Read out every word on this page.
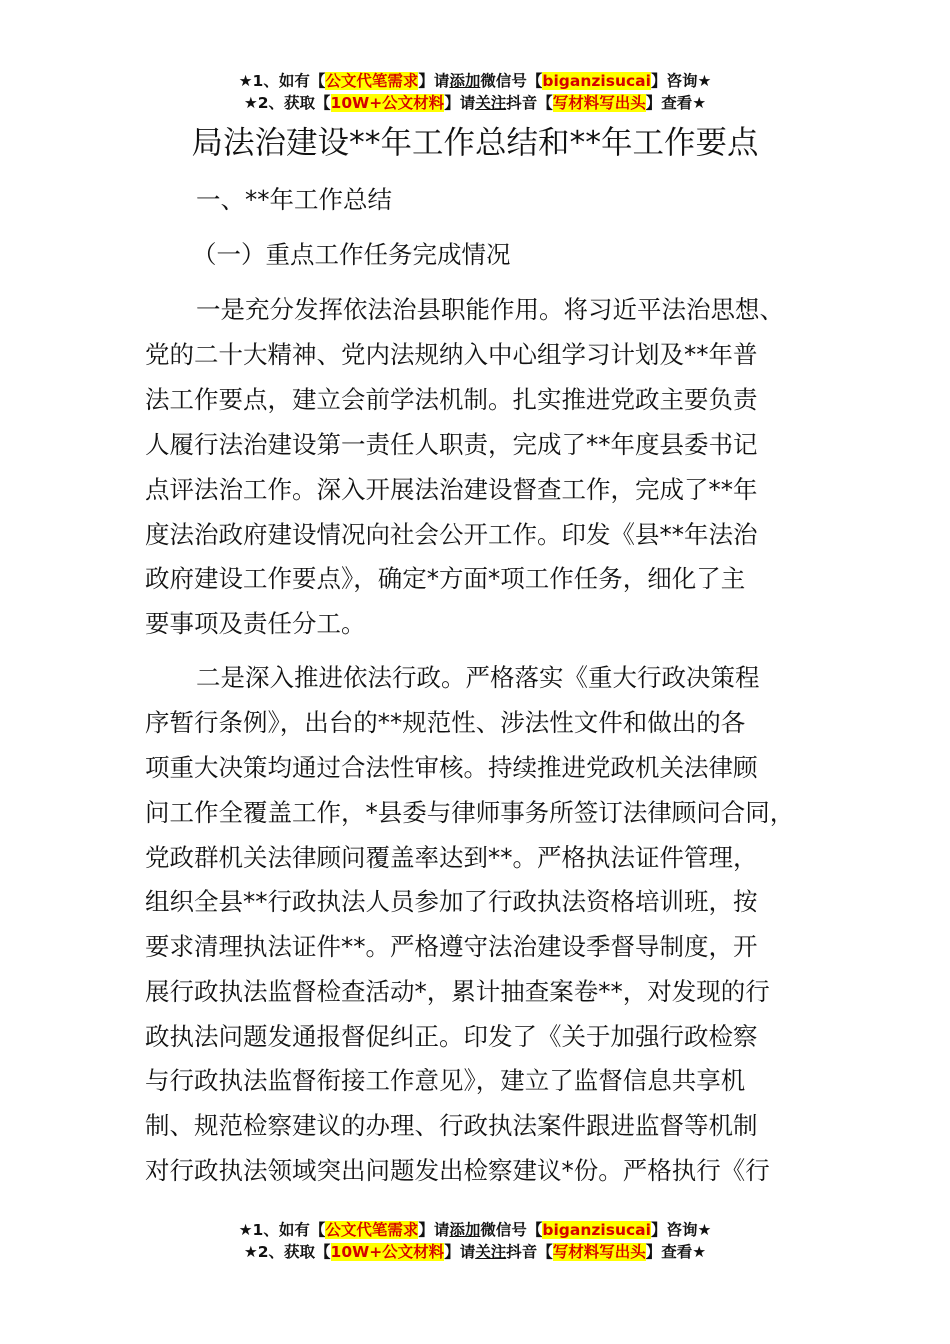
★1、如有【公文代笔需求】请添加微信号【biganzisucai】咨询★
★2、获取【10W+公文材料】请关注抖音【写材料写出头】查看★
局法治建设**年工作总结和**年工作要点
一、**年工作总结
（一）重点工作任务完成情况
一是充分发挥依法治县职能作用。将习近平法治思想、
党的二十大精神、党内法规纳入中心组学习计划及**年普
法工作要点，建立会前学法机制。扎实推进党政主要负责
人履行法治建设第一责任人职责，完成了**年度县委书记
点评法治工作。深入开展法治建设督查工作，完成了**年
度法治政府建设情况向社会公开工作。印发《县**年法治
政府建设工作要点》，确定*方面*项工作任务，细化了主
要事项及责任分工。
二是深入推进依法行政。严格落实《重大行政决策程
序暂行条例》，出台的**规范性、涉法性文件和做出的各
项重大决策均通过合法性审核。持续推进党政机关法律顾
问工作全覆盖工作，*县委与律师事务所签订法律顾问合同，
党政群机关法律顾问覆盖率达到**。严格执法证件管理，
组织全县**行政执法人员参加了行政执法资格培训班，按
要求清理执法证件**。严格遵守法治建设季督导制度，开
展行政执法监督检查活动*，累计抽查案卷**，对发现的行
政执法问题发通报督促纠正。印发了《关于加强行政检察
与行政执法监督衔接工作意见》，建立了监督信息共享机
制、规范检察建议的办理、行政执法案件跟进监督等机制
对行政执法领域突出问题发出检察建议*份。严格执行《行
★1、如有【公文代笔需求】请添加微信号【biganzisucai】咨询★
★2、获取【10W+公文材料】请关注抖音【写材料写出头】查看★
